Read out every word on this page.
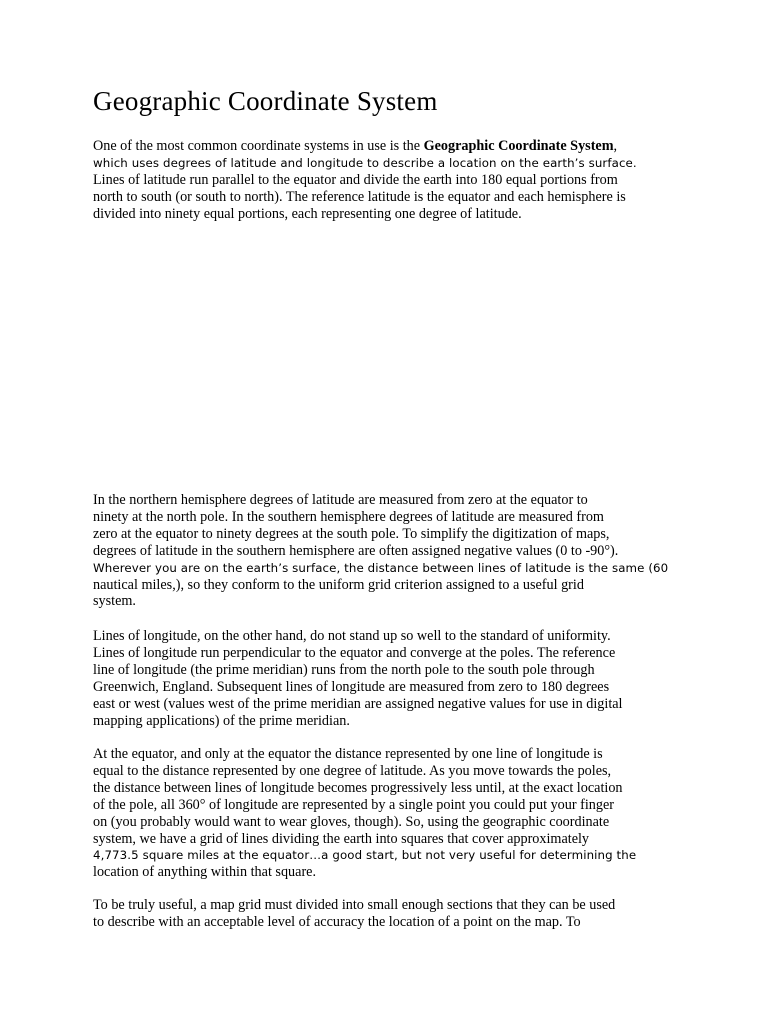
Geographic Coordinate System

One of the most common coordinate systems in use is the Geographic Coordinate System,
which uses degrees of latitude and longitude to describe a location on the earth’s surface.
Lines of latitude run parallel to the equator and divide the earth into 180 equal portions from
north to south (or south to north). The reference latitude is the equator and each hemisphere is
divided into ninety equal portions, each representing one degree of latitude.

In the northern hemisphere degrees of latitude are measured from zero at the equator to
ninety at the north pole. In the southern hemisphere degrees of latitude are measured from
zero at the equator to ninety degrees at the south pole. To simplify the digitization of maps,
degrees of latitude in the southern hemisphere are often assigned negative values (0 to -90°).
Wherever you are on the earth’s surface, the distance between lines of latitude is the same (60
nautical miles,), so they conform to the uniform grid criterion assigned to a useful grid
system.

Lines of longitude, on the other hand, do not stand up so well to the standard of uniformity.
Lines of longitude run perpendicular to the equator and converge at the poles. The reference
line of longitude (the prime meridian) runs from the north pole to the south pole through
Greenwich, England. Subsequent lines of longitude are measured from zero to 180 degrees
east or west (values west of the prime meridian are assigned negative values for use in digital
mapping applications) of the prime meridian.

At the equator, and only at the equator the distance represented by one line of longitude is
equal to the distance represented by one degree of latitude. As you move towards the poles,
the distance between lines of longitude becomes progressively less until, at the exact location
of the pole, all 360° of longitude are represented by a single point you could put your finger
on (you probably would want to wear gloves, though). So, using the geographic coordinate
system, we have a grid of lines dividing the earth into squares that cover approximately
4,773.5 square miles at the equator…a good start, but not very useful for determining the
location of anything within that square.

To be truly useful, a map grid must divided into small enough sections that they can be used
to describe with an acceptable level of accuracy the location of a point on the map. To
